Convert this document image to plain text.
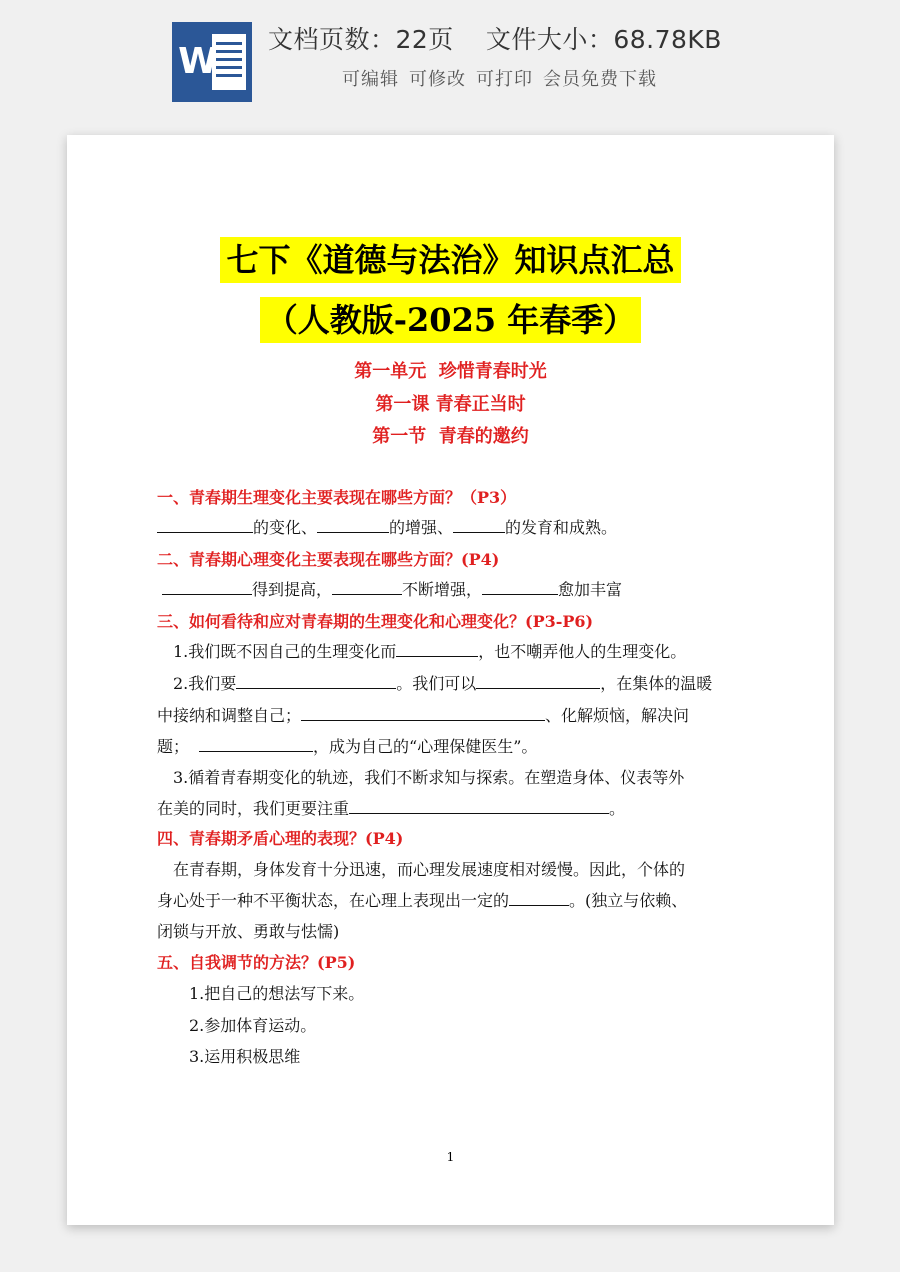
W
文档页数：22页 文件大小：68.78KB
可编辑 可修改 可打印 会员免费下载
七下《道德与法治》知识点汇总
（人教版-2025 年春季）
第一单元  珍惜青春时光
第一课 青春正当时
第一节  青春的邀约
一、青春期生理变化主要表现在哪些方面？（P3）
的变化、	的增强、	的发育和成熟。
二、青春期心理变化主要表现在哪些方面？(P4)
得到提高，	不断增强，	愈加丰富
三、如何看待和应对青春期的生理变化和心理变化？(P3-P6)
1.我们既不因自己的生理变化而	，也不嘲弄他人的生理变化。
2.我们要	。我们可以	，在集体的温暖
中接纳和调整自己；	、化解烦恼，解决问
题；	，成为自己的“心理保健医生”。
3.循着青春期变化的轨迹，我们不断求知与探索。在塑造身体、仪表等外
在美的同时，我们更要注重	。
四、青春期矛盾心理的表现？(P4)
在青春期，身体发育十分迅速，而心理发展速度相对缓慢。因此，个体的
身心处于一种不平衡状态，在心理上表现出一定的	。(独立与依赖、
闭锁与开放、勇敢与怯懦)
五、自我调节的方法？(P5)
1.把自己的想法写下来。
2.参加体育运动。
3.运用积极思维
1
